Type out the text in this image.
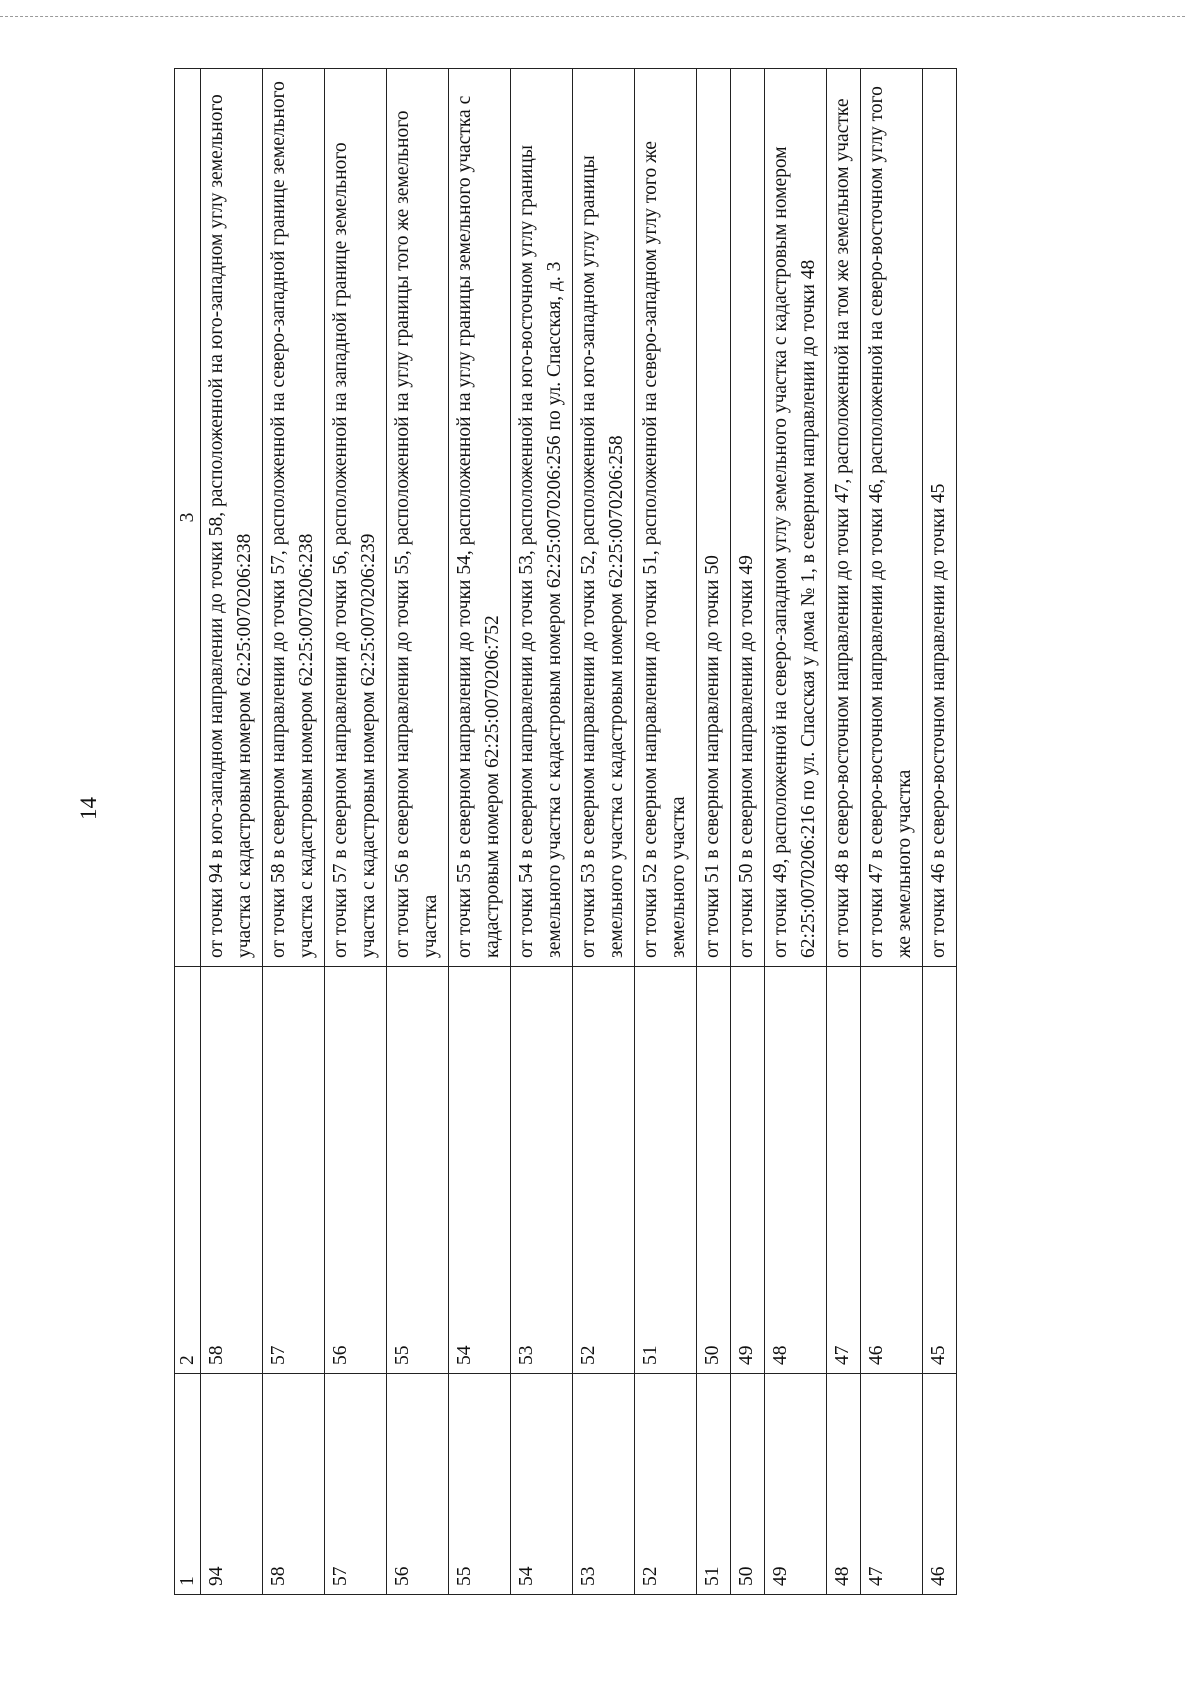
14
1	2	3
94	58	от точки 94 в юго-западном направлении до точки 58, расположенной на юго-западном углу земельного участка с кадастровым номером 62:25:0070206:238
58	57	от точки 58 в северном направлении до точки 57, расположенной на северо-западной границе земельного участка с кадастровым номером 62:25:0070206:238
57	56	от точки 57 в северном направлении до точки 56, расположенной на западной границе земельного участка с кадастровым номером 62:25:0070206:239
56	55	от точки 56 в северном направлении до точки 55, расположенной на углу границы того же земельного участка
55	54	от точки 55 в северном направлении до точки 54, расположенной на углу границы земельного участка с кадастровым номером 62:25:0070206:752
54	53	от точки 54 в северном направлении до точки 53, расположенной на юго-восточном углу границы земельного участка с кадастровым номером 62:25:0070206:256 по ул. Спасская, д. 3
53	52	от точки 53 в северном направлении до точки 52, расположенной на юго-западном углу границы земельного участка с кадастровым номером 62:25:0070206:258
52	51	от точки 52 в северном направлении до точки 51, расположенной на северо-западном углу того же земельного участка
51	50	от точки 51 в северном направлении до точки 50
50	49	от точки 50 в северном направлении до точки 49
49	48	от точки 49, расположенной на северо-западном углу земельного участка с кадастровым номером 62:25:0070206:216 по ул. Спасская у дома № 1, в северном направлении до точки 48
48	47	от точки 48 в северо-восточном направлении до точки 47, расположенной на том же земельном участке
47	46	от точки 47 в северо-восточном направлении до точки 46, расположенной на северо-восточном углу того же земельного участка
46	45	от точки 46 в северо-восточном направлении до точки 45
